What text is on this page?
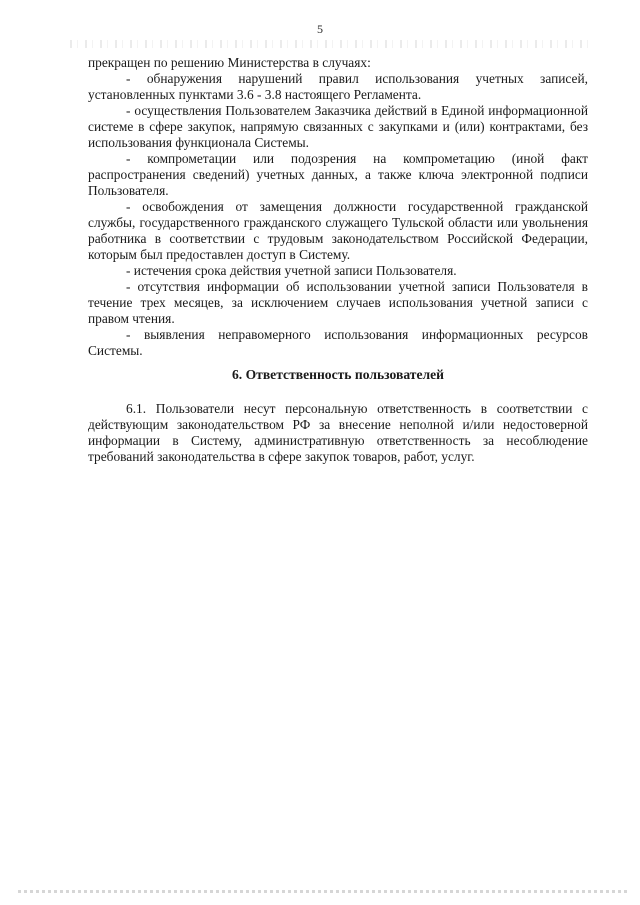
5

прекращен по решению Министерства в случаях:

- обнаружения нарушений правил использования учетных записей, установленных пунктами 3.6 - 3.8 настоящего Регламента.

- осуществления Пользователем Заказчика действий в Единой информационной системе в сфере закупок, напрямую связанных с закупками и (или) контрактами, без использования функционала Системы.

- компрометации или подозрения на компрометацию (иной факт распространения сведений) учетных данных, а также ключа электронной подписи Пользователя.

- освобождения от замещения должности государственной гражданской службы, государственного гражданского служащего Тульской области или увольнения работника в соответствии с трудовым законодательством Российской Федерации, которым был предоставлен доступ в Систему.

- истечения срока действия учетной записи Пользователя.

- отсутствия информации об использовании учетной записи Пользователя в течение трех месяцев, за исключением случаев использования учетной записи с правом чтения.

- выявления неправомерного использования информационных ресурсов Системы.

6. Ответственность пользователей

6.1. Пользователи несут персональную ответственность в соответствии с действующим законодательством РФ за внесение неполной и/или недостоверной информации в Систему, административную ответственность за несоблюдение требований законодательства в сфере закупок товаров, работ, услуг.
